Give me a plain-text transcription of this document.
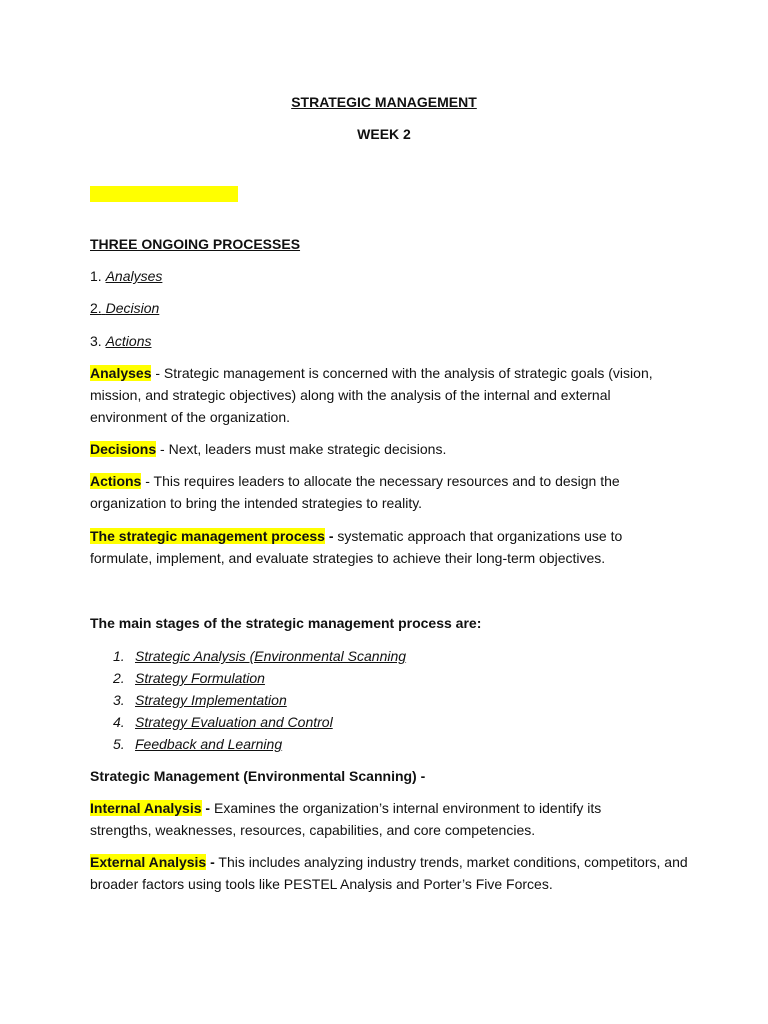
STRATEGIC MANAGEMENT
WEEK 2
THREE ONGOING PROCESSES
1. Analyses
2. Decision
3. Actions
Analyses - Strategic management is concerned with the analysis of strategic goals (vision, mission, and strategic objectives) along with the analysis of the internal and external environment of the organization.
Decisions - Next, leaders must make strategic decisions.
Actions - This requires leaders to allocate the necessary resources and to design the organization to bring the intended strategies to reality.
The strategic management process - systematic approach that organizations use to formulate, implement, and evaluate strategies to achieve their long-term objectives.
The main stages of the strategic management process are:
1. Strategic Analysis (Environmental Scanning
2. Strategy Formulation
3. Strategy Implementation
4. Strategy Evaluation and Control
5. Feedback and Learning
Strategic Management (Environmental Scanning) -
Internal Analysis - Examines the organization’s internal environment to identify its strengths, weaknesses, resources, capabilities, and core competencies.
External Analysis - This includes analyzing industry trends, market conditions, competitors, and broader factors using tools like PESTEL Analysis and Porter’s Five Forces.
